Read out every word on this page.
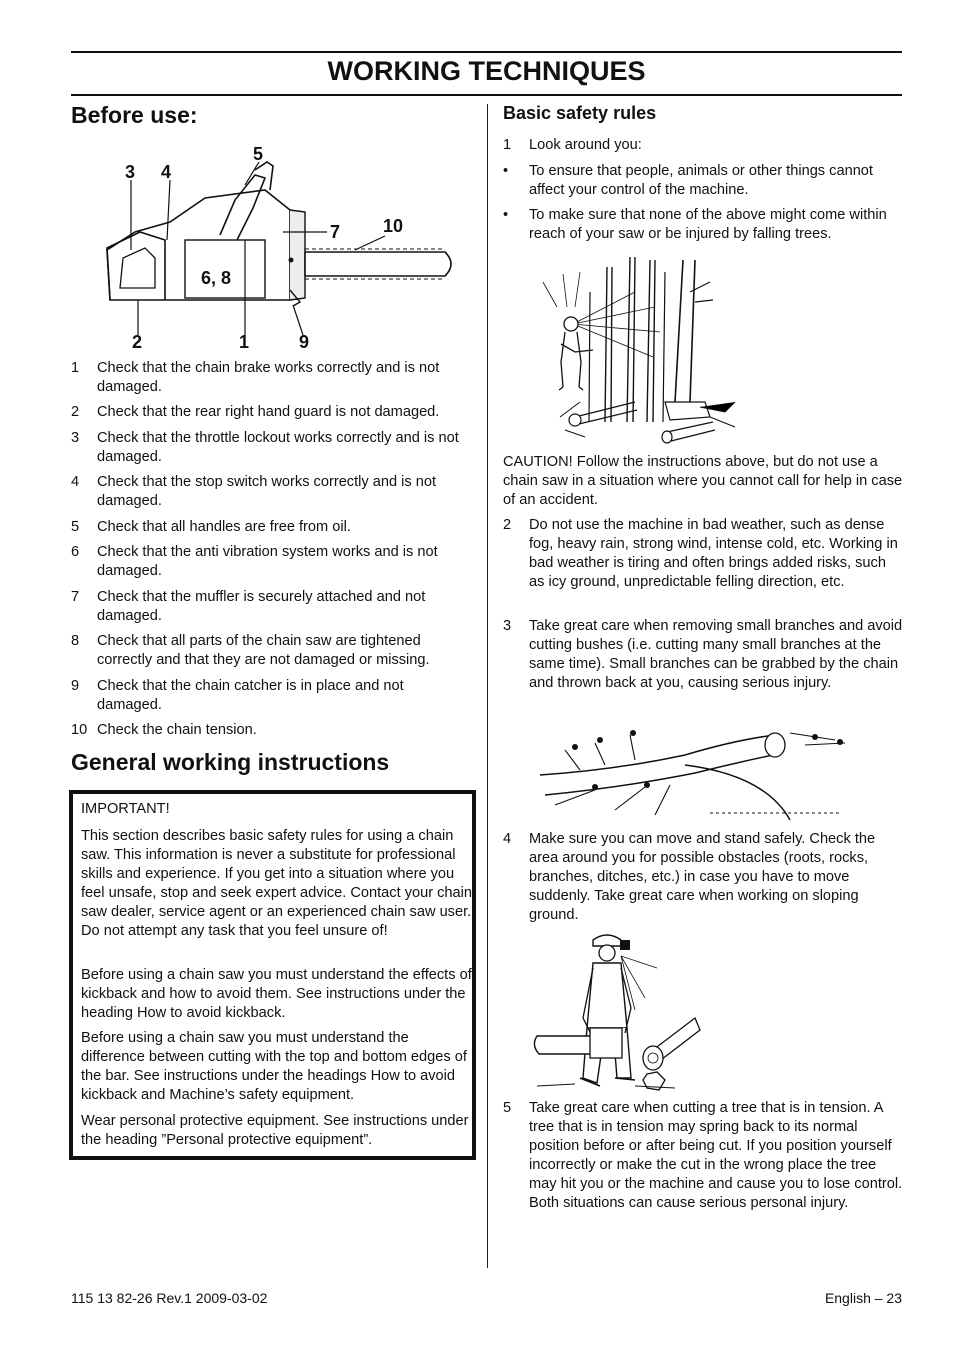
WORKING TECHNIQUES
Before use:
3 4
5
7 10
6, 8
2	1	9
1 Check that the chain brake works correctly and is not damaged.
2 Check that the rear right hand guard is not damaged.
3 Check that the throttle lockout works correctly and is not damaged.
4 Check that the stop switch works correctly and is not damaged.
5 Check that all handles are free from oil.
6 Check that the anti vibration system works and is not damaged.
7 Check that the muffler is securely attached and not damaged.
8 Check that all parts of the chain saw are tightened correctly and that they are not damaged or missing.
9 Check that the chain catcher is in place and not damaged.
10 Check the chain tension.
General working instructions
IMPORTANT!
This section describes basic safety rules for using a chain saw. This information is never a substitute for professional skills and experience. If you get into a situation where you feel unsafe, stop and seek expert advice. Contact your chain saw dealer, service agent or an experienced chain saw user. Do not attempt any task that you feel unsure of!
Before using a chain saw you must understand the effects of kickback and how to avoid them. See instructions under the heading How to avoid kickback.
Before using a chain saw you must understand the difference between cutting with the top and bottom edges of the bar. See instructions under the headings How to avoid kickback and Machine’s safety equipment.
Wear personal protective equipment. See instructions under the heading ”Personal protective equipment”.
Basic safety rules
1 Look around you:
• To ensure that people, animals or other things cannot affect your control of the machine.
• To make sure that none of the above might come within reach of your saw or be injured by falling trees.
CAUTION! Follow the instructions above, but do not use a chain saw in a situation where you cannot call for help in case of an accident.
2 Do not use the machine in bad weather, such as dense fog, heavy rain, strong wind, intense cold, etc. Working in bad weather is tiring and often brings added risks, such as icy ground, unpredictable felling direction, etc.
3 Take great care when removing small branches and avoid cutting bushes (i.e. cutting many small branches at the same time). Small branches can be grabbed by the chain and thrown back at you, causing serious injury.
4 Make sure you can move and stand safely. Check the area around you for possible obstacles (roots, rocks, branches, ditches, etc.) in case you have to move suddenly. Take great care when working on sloping ground.
5 Take great care when cutting a tree that is in tension. A tree that is in tension may spring back to its normal position before or after being cut. If you position yourself incorrectly or make the cut in the wrong place the tree may hit you or the machine and cause you to lose control. Both situations can cause serious personal injury.
115 13 82-26 Rev.1 2009-03-02	English – 23
